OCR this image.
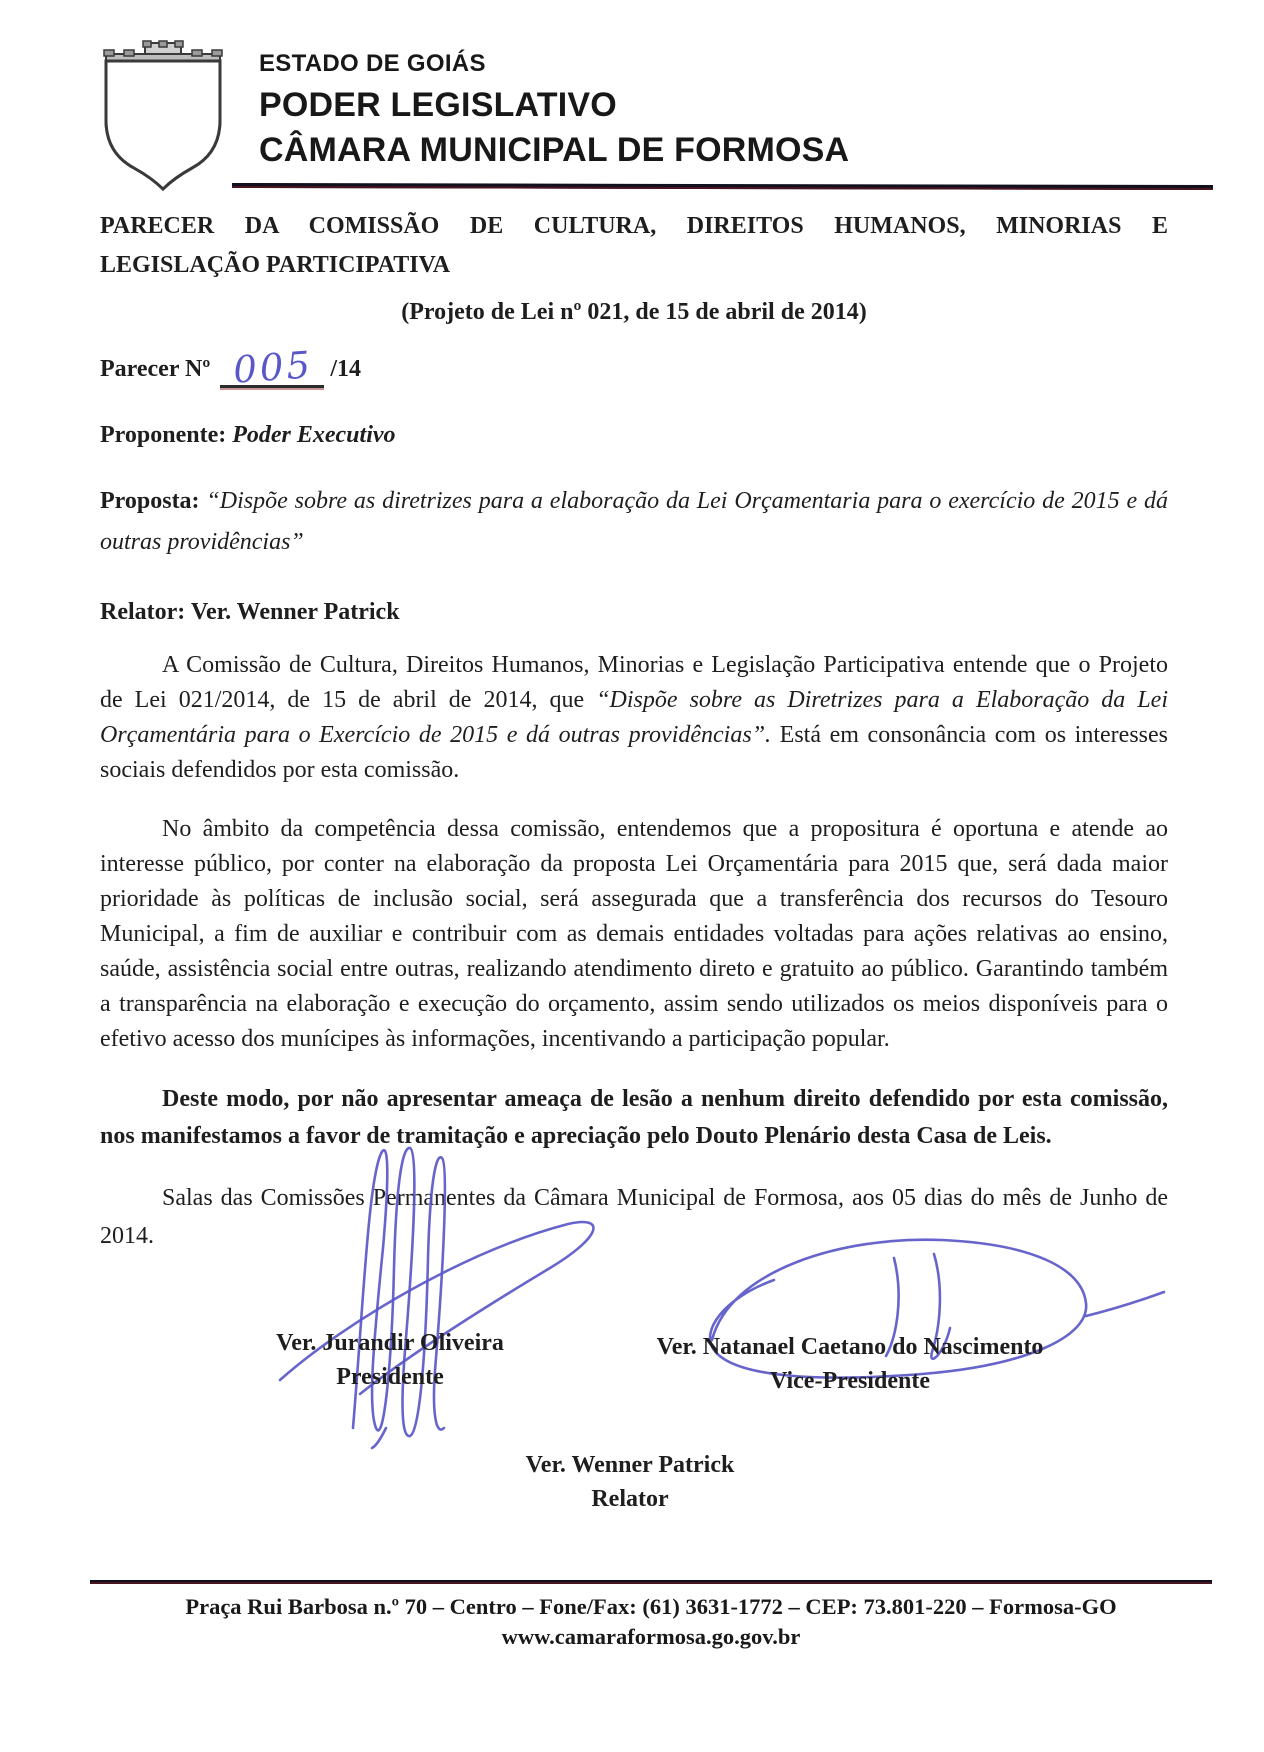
ESTADO DE GOIÁS
PODER LEGISLATIVO
CÂMARA MUNICIPAL DE FORMOSA
PARECER DA COMISSÃO DE CULTURA, DIREITOS HUMANOS, MINORIAS E
LEGISLAÇÃO PARTICIPATIVA
(Projeto de Lei nº 021, de 15 de abril de 2014)
Parecer Nº 005 /14
Proponente: Poder Executivo
Proposta: “Dispõe sobre as diretrizes para a elaboração da Lei Orçamentaria para o exercício de 2015 e dá outras providências”
Relator: Ver. Wenner Patrick

A Comissão de Cultura, Direitos Humanos, Minorias e Legislação Participativa entende que o Projeto de Lei 021/2014, de 15 de abril de 2014, que “Dispõe sobre as Diretrizes para a Elaboração da Lei Orçamentária para o Exercício de 2015 e dá outras providências”. Está em consonância com os interesses sociais defendidos por esta comissão.

No âmbito da competência dessa comissão, entendemos que a propositura é oportuna e atende ao interesse público, por conter na elaboração da proposta Lei Orçamentária para 2015 que, será dada maior prioridade às políticas de inclusão social, será assegurada que a transferência dos recursos do Tesouro Municipal, a fim de auxiliar e contribuir com as demais entidades voltadas para ações relativas ao ensino, saúde, assistência social entre outras, realizando atendimento direto e gratuito ao público. Garantindo também a transparência na elaboração e execução do orçamento, assim sendo utilizados os meios disponíveis para o efetivo acesso dos munícipes às informações, incentivando a participação popular.

Deste modo, por não apresentar ameaça de lesão a nenhum direito defendido por esta comissão, nos manifestamos a favor de tramitação e apreciação pelo Douto Plenário desta Casa de Leis.

Salas das Comissões Permanentes da Câmara Municipal de Formosa, aos 05 dias do mês de Junho de 2014.

Ver. Jurandir Oliveira
Presidente
Ver. Natanael Caetano do Nascimento
Vice-Presidente
Ver. Wenner Patrick
Relator
Praça Rui Barbosa n.º 70 – Centro – Fone/Fax: (61) 3631-1772 – CEP: 73.801-220 – Formosa-GO
www.camaraformosa.go.gov.br
